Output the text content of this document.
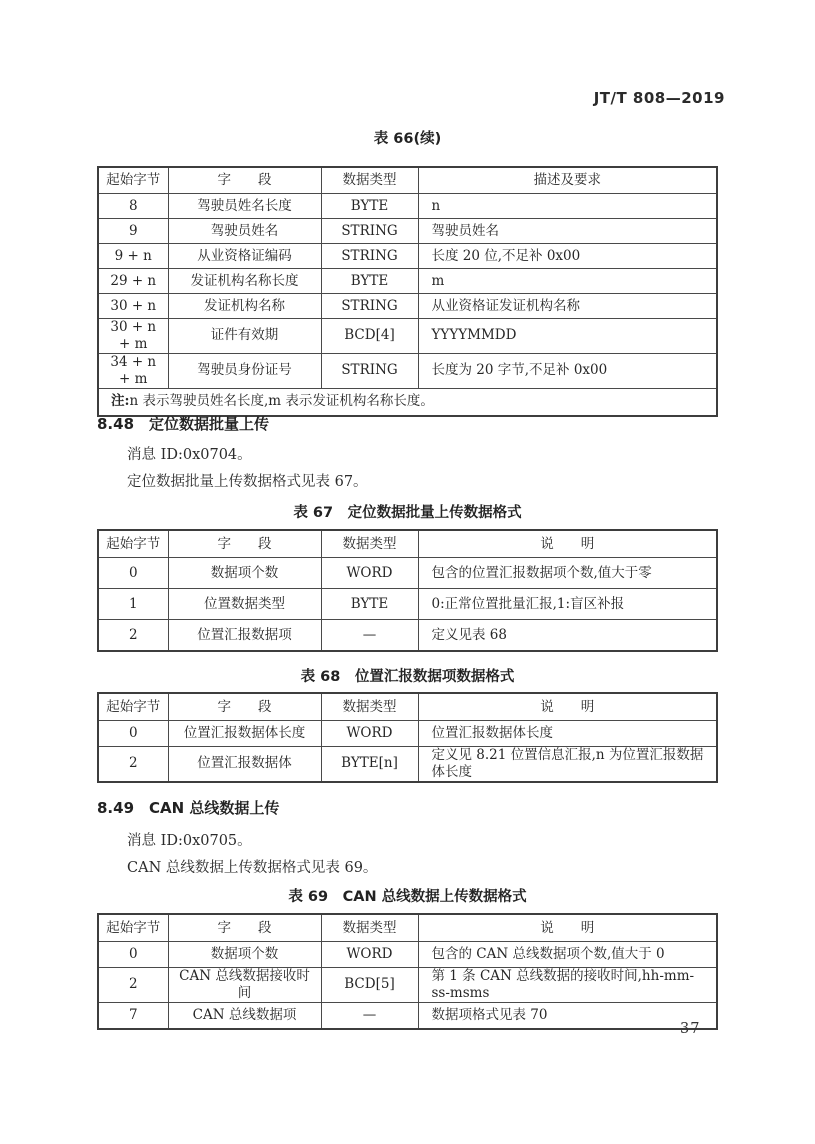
JT/T 808—2019
表 66(续)
起始字节	字　　段	数据类型	描述及要求
8	驾驶员姓名长度	BYTE	n
9	驾驶员姓名	STRING	驾驶员姓名
9 + n	从业资格证编码	STRING	长度 20 位,不足补 0x00
29 + n	发证机构名称长度	BYTE	m
30 + n	发证机构名称	STRING	从业资格证发证机构名称
30 + n + m	证件有效期	BCD[4]	YYYYMMDD
34 + n + m	驾驶员身份证号	STRING	长度为 20 字节,不足补 0x00
注:n 表示驾驶员姓名长度,m 表示发证机构名称长度。			
8.48　定位数据批量上传
消息 ID:0x0704。
定位数据批量上传数据格式见表 67。
表 67　定位数据批量上传数据格式
起始字节	字　　段	数据类型	说　　明
0	数据项个数	WORD	包含的位置汇报数据项个数,值大于零
1	位置数据类型	BYTE	0:正常位置批量汇报,1:盲区补报
2	位置汇报数据项	—	定义见表 68
表 68　位置汇报数据项数据格式
起始字节	字　　段	数据类型	说　　明
0	位置汇报数据体长度	WORD	位置汇报数据体长度
2	位置汇报数据体	BYTE[n]	定义见 8.21 位置信息汇报,n 为位置汇报数据体长度
8.49　CAN 总线数据上传
消息 ID:0x0705。
CAN 总线数据上传数据格式见表 69。
表 69　CAN 总线数据上传数据格式
起始字节	字　　段	数据类型	说　　明
0	数据项个数	WORD	包含的 CAN 总线数据项个数,值大于 0
2	CAN 总线数据接收时间	BCD[5]	第 1 条 CAN 总线数据的接收时间,hh-mm-ss-msms
7	CAN 总线数据项	—	数据项格式见表 70
37
